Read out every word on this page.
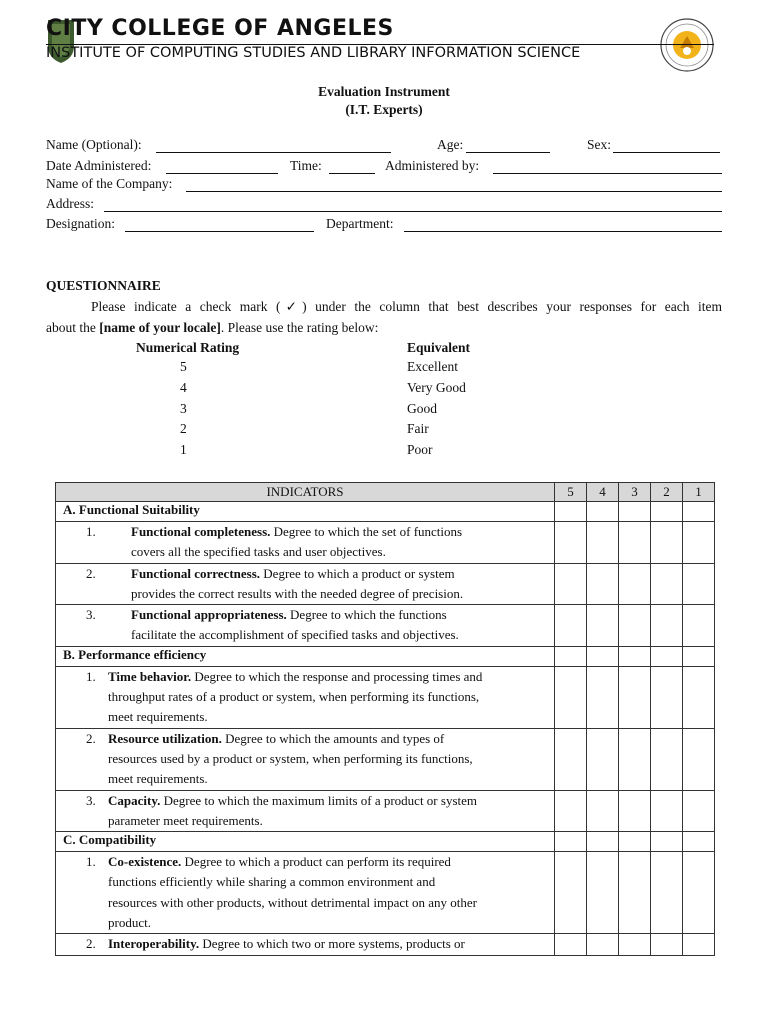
CITY COLLEGE OF ANGELES
INSTITUTE OF COMPUTING STUDIES AND LIBRARY INFORMATION SCIENCE
Evaluation Instrument
(I.T. Experts)
Name (Optional):	Age:	Sex:
Date Administered:	Time:	Administered by:
Name of the Company:
Address:
Designation:	Department:
QUESTIONNAIRE
Please indicate a check mark (✓) under the column that best describes your responses for each item
about the [name of your locale]. Please use the rating below:
Numerical Rating	Equivalent
5	Excellent
4	Very Good
3	Good
2	Fair
1	Poor
INDICATORS	5	4	3	2	1
A. Functional Suitability					

1. Functional completeness. Degree to which the set of functions
covers all the specified tasks and user objectives.					

2. Functional correctness. Degree to which a product or system
provides the correct results with the needed degree of precision.					

3. Functional appropriateness. Degree to which the functions
facilitate the accomplishment of specified tasks and objectives.					

B. Performance efficiency					

1. Time behavior. Degree to which the response and processing times and
throughput rates of a product or system, when performing its functions,
meet requirements.					

2. Resource utilization. Degree to which the amounts and types of
resources used by a product or system, when performing its functions,
meet requirements.					

3. Capacity. Degree to which the maximum limits of a product or system
parameter meet requirements.					

C. Compatibility					

1. Co-existence. Degree to which a product can perform its required
functions efficiently while sharing a common environment and
resources with other products, without detrimental impact on any other
product.					

2. Interoperability. Degree to which two or more systems, products or					
